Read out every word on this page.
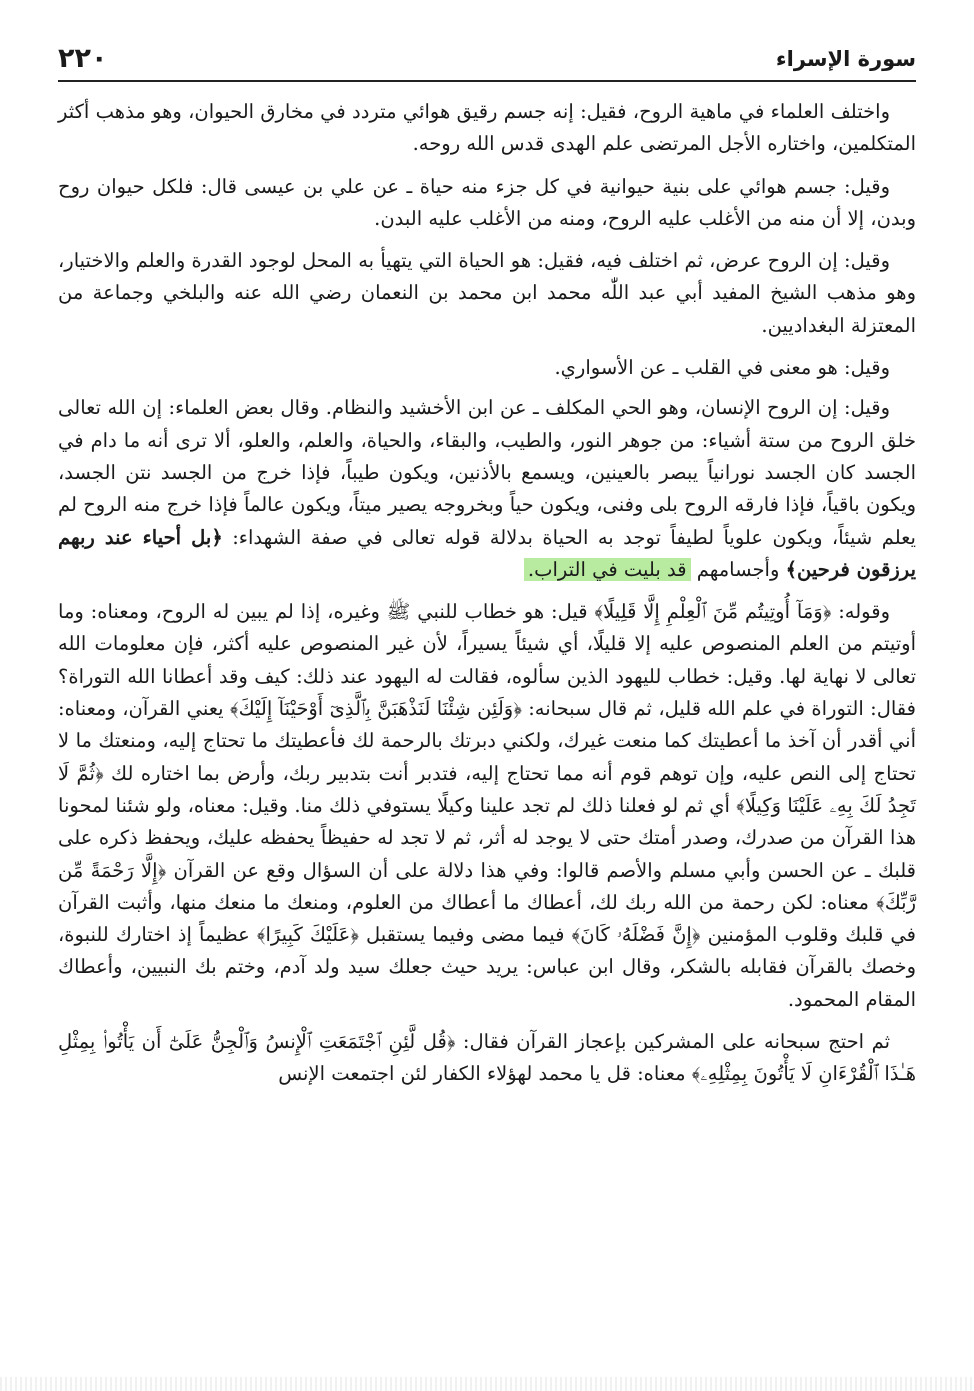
سورة الإسراء
٢٢٠

واختلف العلماء في ماهية الروح، فقيل: إنه جسم رقيق هوائي متردد في مخارق الحيوان، وهو مذهب أكثر المتكلمين، واختاره الأجل المرتضى علم الهدى قدس الله روحه.

وقيل: جسم هوائي على بنية حيوانية في كل جزء منه حياة ـ عن علي بن عيسى قال: فلكل حيوان روح وبدن، إلا أن منه من الأغلب عليه الروح، ومنه من الأغلب عليه البدن.

وقيل: إن الروح عرض، ثم اختلف فيه، فقيل: هو الحياة التي يتهيأ به المحل لوجود القدرة والعلم والاختيار، وهو مذهب الشيخ المفيد أبي عبد اللّٰه محمد ابن محمد بن النعمان رضي الله عنه والبلخي وجماعة من المعتزلة البغداديين.

وقيل: هو معنى في القلب ـ عن الأسواري.

وقيل: إن الروح الإنسان، وهو الحي المكلف ـ عن ابن الأخشيد والنظام. وقال بعض العلماء: إن الله تعالى خلق الروح من ستة أشياء: من جوهر النور، والطيب، والبقاء، والحياة، والعلم، والعلو، ألا ترى أنه ما دام في الجسد كان الجسد نورانياً يبصر بالعينين، ويسمع بالأذنين، ويكون طيباً، فإذا خرج من الجسد نتن الجسد، ويكون باقياً، فإذا فارقه الروح بلى وفنى، ويكون حياً وبخروجه يصير ميتاً، ويكون عالماً فإذا خرج منه الروح لم يعلم شيئاً، ويكون علوياً لطيفاً توجد به الحياة بدلالة قوله تعالى في صفة الشهداء: ﴿بل أحياء عند ربهم يرزقون فرحين﴾ وأجسامهم قد بليت في التراب.

وقوله: ﴿وَمَآ أُوتِيتُم مِّنَ ٱلْعِلْمِ إِلَّا قَلِيلًا﴾ قيل: هو خطاب للنبي ﷺ وغيره، إذا لم يبين له الروح، ومعناه: وما أوتيتم من العلم المنصوص عليه إلا قليلًا، أي شيئاً يسيراً، لأن غير المنصوص عليه أكثر، فإن معلومات الله تعالى لا نهاية لها. وقيل: خطاب لليهود الذين سألوه، فقالت له اليهود عند ذلك: كيف وقد أعطانا الله التوراة؟ فقال: التوراة في علم الله قليل، ثم قال سبحانه: ﴿وَلَئِن شِئْنَا لَنَذْهَبَنَّ بِٱلَّذِىٓ أَوْحَيْنَآ إِلَيْكَ﴾ يعني القرآن، ومعناه: أني أقدر أن آخذ ما أعطيتك كما منعت غيرك، ولكني دبرتك بالرحمة لك فأعطيتك ما تحتاج إليه، ومنعتك ما لا تحتاج إلى النص عليه، وإن توهم قوم أنه مما تحتاج إليه، فتدبر أنت بتدبير ربك، وأرض بما اختاره لك ﴿ثُمَّ لَا تَجِدُ لَكَ بِهِۦ عَلَيْنَا وَكِيلًا﴾ أي ثم لو فعلنا ذلك لم تجد علينا وكيلًا يستوفي ذلك منا. وقيل: معناه، ولو شئنا لمحونا هذا القرآن من صدرك، وصدر أمتك حتى لا يوجد له أثر، ثم لا تجد له حفيظاً يحفظه عليك، ويحفظ ذكره على قلبك ـ عن الحسن وأبي مسلم والأصم قالوا: وفي هذا دلالة على أن السؤال وقع عن القرآن ﴿إِلَّا رَحْمَةً مِّن رَّبِّكَ﴾ معناه: لكن رحمة من الله ربك لك، أعطاك ما أعطاك من العلوم، ومنعك ما منعك منها، وأثبت القرآن في قلبك وقلوب المؤمنين ﴿إِنَّ فَضْلَهُۥ كَانَ﴾ فيما مضى وفيما يستقبل ﴿عَلَيْكَ كَبِيرًا﴾ عظيماً إذ اختارك للنبوة، وخصك بالقرآن فقابله بالشكر، وقال ابن عباس: يريد حيث جعلك سيد ولد آدم، وختم بك النبيين، وأعطاك المقام المحمود.

ثم احتج سبحانه على المشركين بإعجاز القرآن فقال: ﴿قُل لَّئِنِ ٱجْتَمَعَتِ ٱلْإِنسُ وَٱلْجِنُّ عَلَىٰٓ أَن يَأْتُوا۟ بِمِثْلِ هَـٰذَا ٱلْقُرْءَانِ لَا يَأْتُونَ بِمِثْلِهِۦ﴾ معناه: قل يا محمد لهؤلاء الكفار لئن اجتمعت الإنس
